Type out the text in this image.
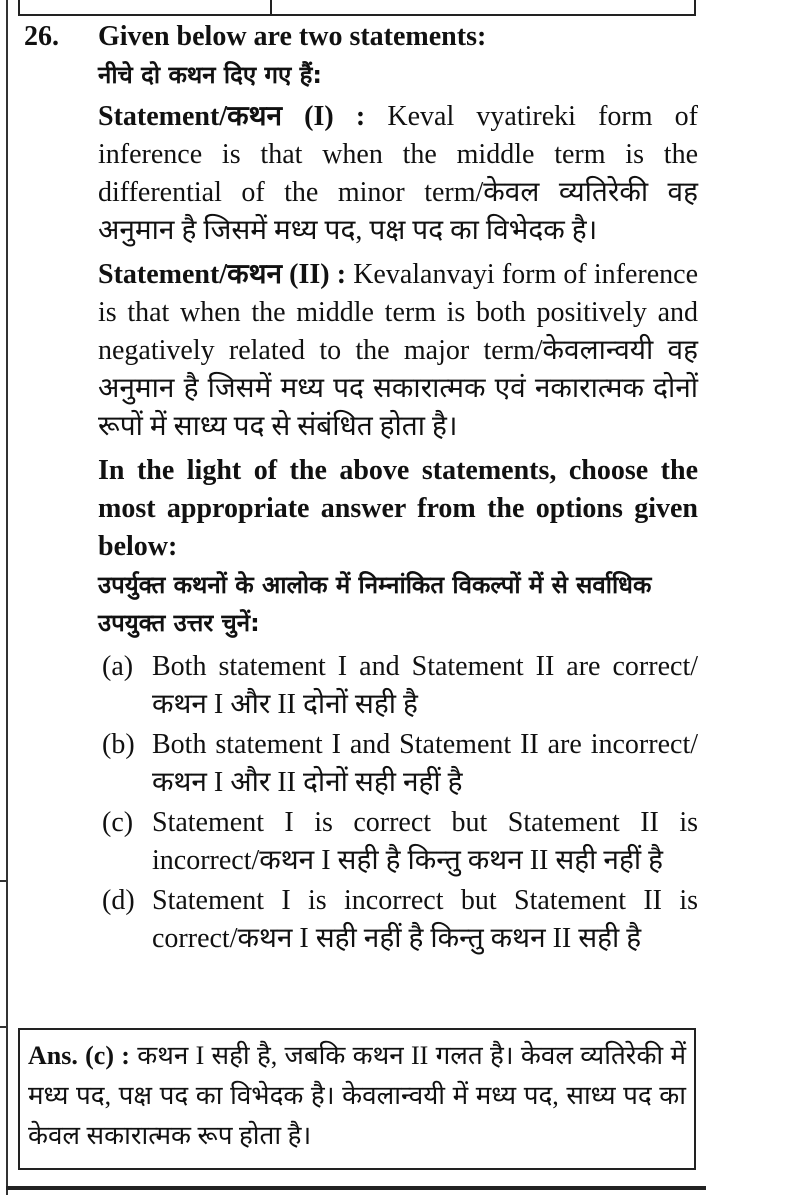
26. Given below are two statements:

नीचे दो कथन दिए गए हैं:

Statement/कथन (I) : Keval vyatireki form of inference is that when the middle term is the differential of the minor term/केवल व्यतिरेकी वह अनुमान है जिसमें मध्य पद, पक्ष पद का विभेदक है।

Statement/कथन (II) : Kevalanvayi form of inference is that when the middle term is both positively and negatively related to the major term/केवलान्वयी वह अनुमान है जिसमें मध्य पद सकारात्मक एवं नकारात्मक दोनों रूपों में साध्य पद से संबंधित होता है।

In the light of the above statements, choose the most appropriate answer from the options given below:

उपर्युक्त कथनों के आलोक में निम्नांकित विकल्पों में से सर्वाधिक उपयुक्त उत्तर चुनें:

(a) Both statement I and Statement II are correct/ कथन I और II दोनों सही है
(b) Both statement I and Statement II are incorrect/कथन I और II दोनों सही नहीं है
(c) Statement I is correct but Statement II is incorrect/कथन I सही है किन्तु कथन II सही नहीं है
(d) Statement I is incorrect but Statement II is correct/कथन I सही नहीं है किन्तु कथन II सही है
Ans. (c) : कथन I सही है, जबकि कथन II गलत है। केवल व्यतिरेकी में मध्य पद, पक्ष पद का विभेदक है। केवलान्वयी में मध्य पद, साध्य पद का केवल सकारात्मक रूप होता है।
